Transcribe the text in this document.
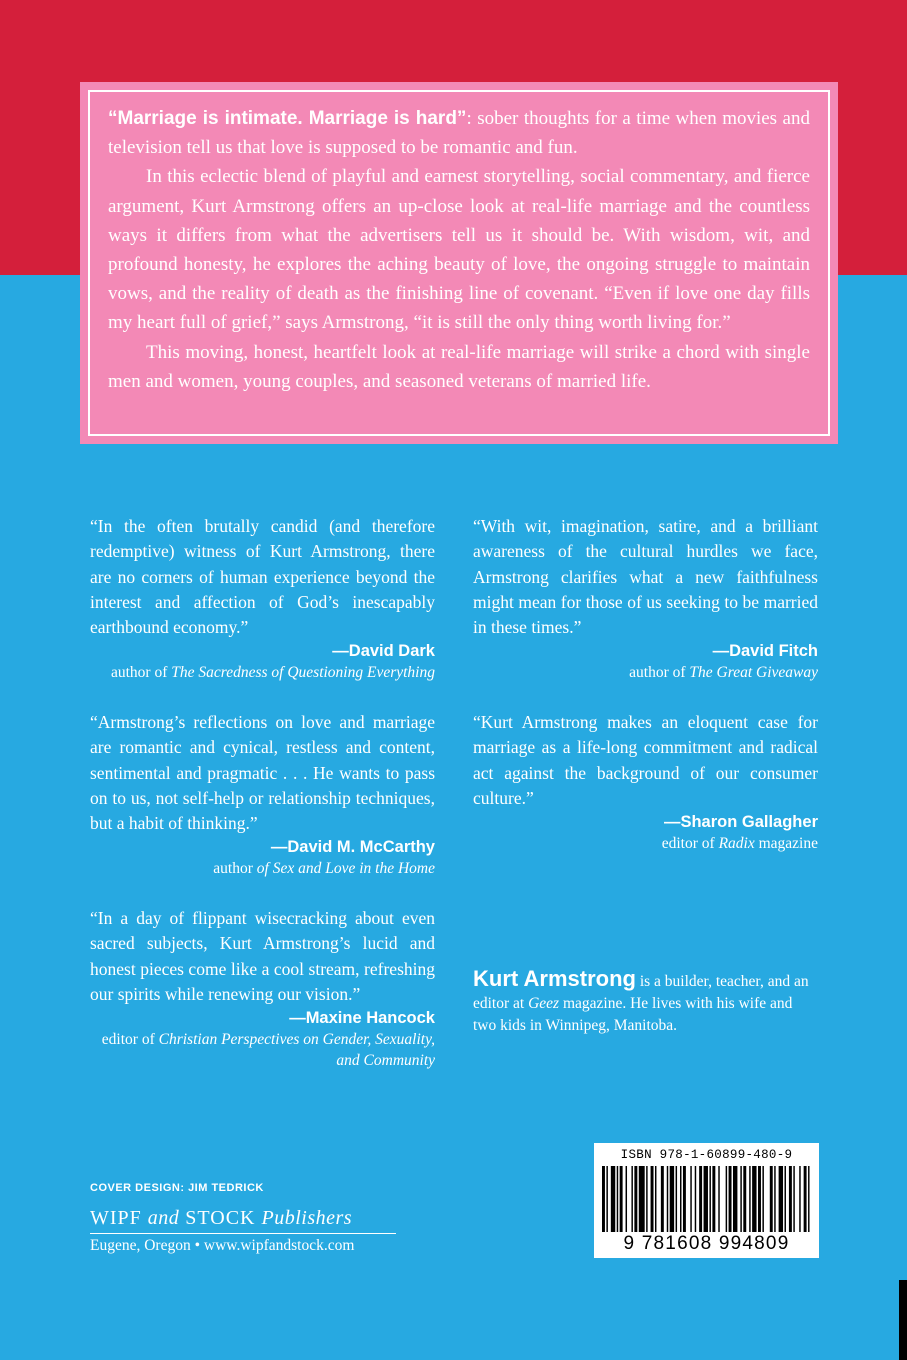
“Marriage is intimate. Marriage is hard”: sober thoughts for a time when movies and television tell us that love is supposed to be romantic and fun.

In this eclectic blend of playful and earnest storytelling, social commentary, and fierce argument, Kurt Armstrong offers an up-close look at real-life marriage and the countless ways it differs from what the advertisers tell us it should be. With wisdom, wit, and profound honesty, he explores the aching beauty of love, the ongoing struggle to maintain vows, and the reality of death as the finishing line of covenant. “Even if love one day fills my heart full of grief,” says Armstrong, “it is still the only thing worth living for.”

This moving, honest, heartfelt look at real-life marriage will strike a chord with single men and women, young couples, and seasoned veterans of married life.

“In the often brutally candid (and therefore redemptive) witness of Kurt Armstrong, there are no corners of human experience beyond the interest and affection of God’s inescapably earthbound economy.”

—David Dark
author of The Sacredness of Questioning Everything

“Armstrong’s reflections on love and marriage are romantic and cynical, restless and content, sentimental and pragmatic . . . He wants to pass on to us, not self-help or relationship techniques, but a habit of thinking.”

—David M. McCarthy
author of Sex and Love in the Home

“In a day of flippant wisecracking about even sacred subjects, Kurt Armstrong’s lucid and honest pieces come like a cool stream, refreshing our spirits while renewing our vision.”

—Maxine Hancock
editor of Christian Perspectives on Gender, Sexuality, and Community

“With wit, imagination, satire, and a brilliant awareness of the cultural hurdles we face, Armstrong clarifies what a new faithfulness might mean for those of us seeking to be married in these times.”

—David Fitch
author of The Great Giveaway

“Kurt Armstrong makes an eloquent case for marriage as a life-long commitment and radical act against the background of our consumer culture.”

—Sharon Gallagher
editor of Radix magazine

Kurt Armstrong is a builder, teacher, and an editor at Geez magazine. He lives with his wife and two kids in Winnipeg, Manitoba.
COVER DESIGN: JIM TEDRICK
WIPF and STOCK Publishers
Eugene, Oregon • www.wipfandstock.com
ISBN 978-1-60899-480-9
9 781608 994809
